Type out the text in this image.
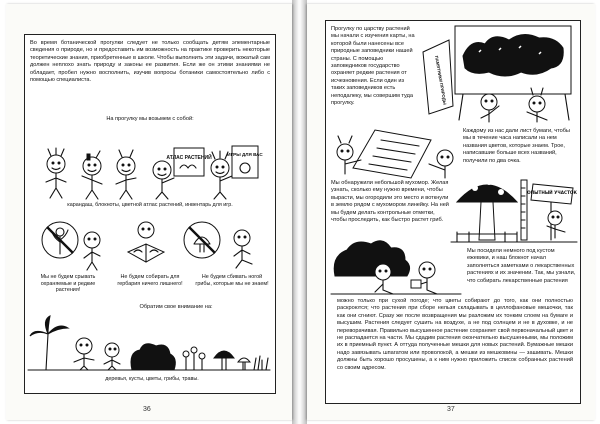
Во время ботанической прогулки следует не только сообщать детям элементарные сведения о природе, но и предоставить им возможность на практике проверить некоторые теоретические знания, приобретенные в школе. Чтобы выполнить эти задачи, вожатый сам должен неплохо знать природу и законы ее развития. Если же он этими знаниями не обладает, пробел нужно восполнить, изучив вопросы ботаники самостоятельно либо с помощью специалиста.
На прогулку мы возьмем с собой:
АТЛАС РАСТЕНИЙ
ИГРЫ ДЛЯ ВАС
карандаш, блокноты, цветной атлас растений, инвентарь для игр.
Мы не будем срывать охраняемые и редкие растения!
Не будем собирать для гербария ничего лишнего!
Не будем сбивать ногой грибы, которые мы не знаем!
Обратим свое внимание на:
деревья, кусты, цветы, грибы, травы.
36
Прогулку по царству растений мы начали с изучения карты, на которой были нанесены все природные заповедники нашей страны. С помощью заповедников государство охраняет редкие растения от исчезновения. Если один из таких заповедников есть неподалеку, мы совершим туда прогулку.	ПАМЯТНИКИ ПРИРОДЫ
Каждому из нас дали лист бумаги, чтобы мы в течение часа написали на нем названия цветов, которые знаем. Трое, написавшие больше всех названий, получили по два очка.
Мы обнаружили небольшой мухомор. Желая узнать, сколько ему нужно времени, чтобы вырасти, мы огородили это место и воткнули в землю рядом с мухомором линейку. На ней мы будем делать контрольные отметки, чтобы проследить, как быстро растет гриб.
ОПЫТНЫЙ УЧАСТОК
Мы посидели немного под кустом ежевики, и наш блокнот начал заполняться заметками о лекарственных растениях и их значении. Так, мы узнали, что собирать лекарственные растения
можно только при сухой погоде; что цветы собирают до того, как они полностью раскроются; что растения при сборе нельзя складывать в целлофановые мешочки, так как они сгниют. Сразу же после возвращения мы разложим их тонким слоем на бумаге и высушим. Растения следует сушить на воздухе, а не под солнцем и не в духовке, и не переворачивая. Правильно высушенное растение сохраняет свой первоначальный цвет и не распадается на части. Мы сдадим растения окончательно высушенными, мы положим их в приемный пункт. А оттуда полученные мешки для новых растений. Бумажные мешки надо завязывать шпагатом или проволокой, а мешки из мешковины — зашивать. Мешки должны быть хорошо просушены, а к ним нужно приложить список собранных растений со своим адресом.
37
